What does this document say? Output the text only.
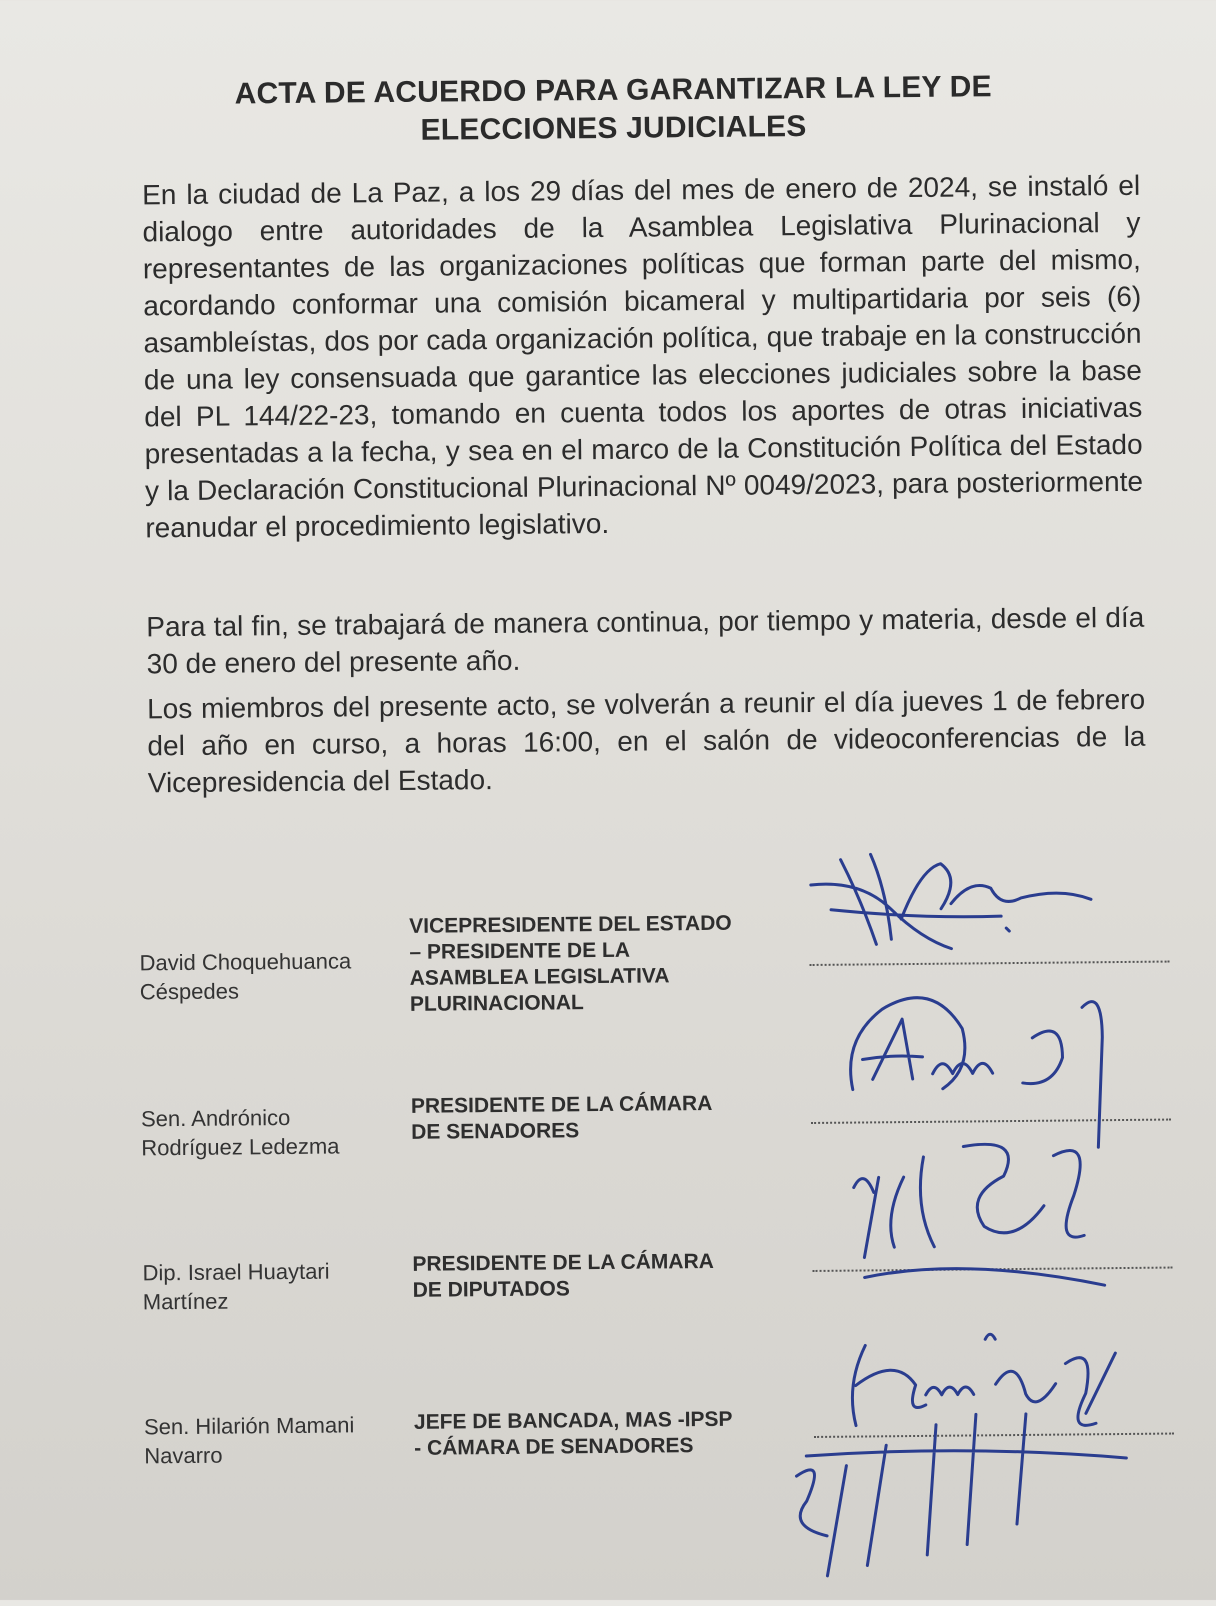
ACTA DE ACUERDO PARA GARANTIZAR LA LEY DE
ELECCIONES JUDICIALES
En la ciudad de La Paz, a los 29 días del mes de enero de 2024, se instaló el dialogo entre autoridades de la Asamblea Legislativa Plurinacional y representantes de las organizaciones políticas que forman parte del mismo, acordando conformar una comisión bicameral y multipartidaria por seis (6) asambleístas, dos por cada organización política, que trabaje en la construcción de una ley consensuada que garantice las elecciones judiciales sobre la base del PL 144/22-23, tomando en cuenta todos los aportes de otras iniciativas presentadas a la fecha, y sea en el marco de la Constitución Política del Estado y la Declaración Constitucional Plurinacional Nº 0049/2023, para posteriormente reanudar el procedimiento legislativo.
Para tal fin, se trabajará de manera continua, por tiempo y materia, desde el día 30 de enero del presente año.
Los miembros del presente acto, se volverán a reunir el día jueves 1 de febrero del año en curso, a horas 16:00, en el salón de videoconferencias de la Vicepresidencia del Estado.
David Choquehuanca
Céspedes
VICEPRESIDENTE DEL ESTADO
– PRESIDENTE DE LA
ASAMBLEA LEGISLATIVA
PLURINACIONAL
Sen. Andrónico
Rodríguez Ledezma
PRESIDENTE DE LA CÁMARA
DE SENADORES
Dip. Israel Huaytari
Martínez
PRESIDENTE DE LA CÁMARA
DE DIPUTADOS
Sen. Hilarión Mamani
Navarro
JEFE DE BANCADA, MAS -IPSP
- CÁMARA DE SENADORES
